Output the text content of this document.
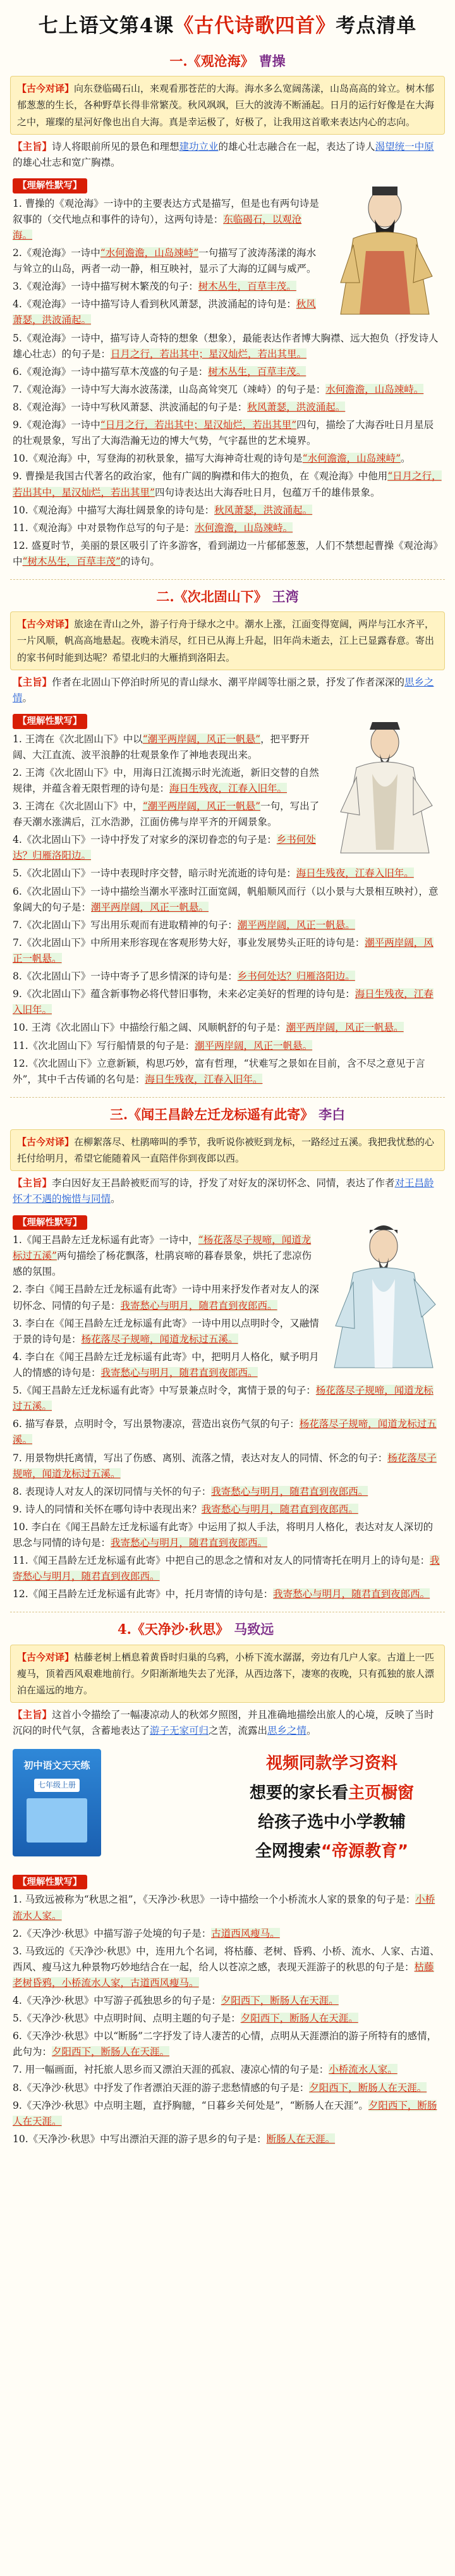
七上语文第4课《古代诗歌四首》考点清单
一.《观沧海》 曹操
【古今对译】向东登临碣石山，来观看那苍茫的大海。海水多么宽阔荡漾，山岛高高的耸立。树木郁郁葱葱的生长，各种野草长得非常繁茂。秋风飒飒，巨大的波涛不断涌起。日月的运行好像是在大海之中，璀璨的星河好像也出自大海。真是幸运极了，好极了，让我用这首歌来表达内心的志向。
【主旨】诗人将眼前所见的景色和理想建功立业的雄心壮志融合在一起，表达了诗人渴望统一中原的雄心壮志和宽广胸襟。
【理解性默写】
1. 曹操的《观沧海》一诗中的主要表达方式是描写，但是也有两句诗是叙事的（交代地点和事件的诗句），这两句诗是：东临碣石，以观沧海。
2.《观沧海》一诗中“水何澹澹，山岛竦峙”一句描写了波涛荡漾的海水与耸立的山岛，两者一动一静，相互映衬，显示了大海的辽阔与威严。
3.《观沧海》一诗中描写树木繁茂的句子：树木丛生，百草丰茂。
4.《观沧海》一诗中描写诗人看到秋风萧瑟，洪波涌起的诗句是：秋风萧瑟，洪波涌起。
5.《观沧海》一诗中，描写诗人奇特的想象（想象），最能表达作者博大胸襟、远大抱负（抒发诗人雄心壮志）的句子是：日月之行，若出其中；星汉灿烂，若出其里。
6.《观沧海》一诗中描写草木茂盛的句子是：树木丛生，百草丰茂。
7.《观沧海》一诗中写大海水波荡漾，山岛高耸突兀（竦峙）的句子是：水何澹澹，山岛竦峙。
8.《观沧海》一诗中写秋风萧瑟、洪波涌起的句子是：秋风萧瑟，洪波涌起。
9.《观沧海》一诗中“日月之行，若出其中；星汉灿烂，若出其里”四句，描绘了大海吞吐日月星辰的壮观景象，写出了大海浩瀚无边的博大气势，气宇磊世的艺术境界。
10.《观沧海》中，写登海的初秋景象，描写大海神奇壮观的诗句是“水何澹澹，山岛竦峙”。
9. 曹操是我国古代著名的政治家，他有广阔的胸襟和伟大的抱负，在《观沧海》中他用“日月之行，若出其中，星汉灿烂，若出其里”四句诗表达出大海吞吐日月，包蕴万千的雄伟景象。
10.《观沧海》中描写大海壮阔景象的诗句是：秋风萧瑟，洪波涌起。
11.《观沧海》中对景物作总写的句子是：水何澹澹，山岛竦峙。
12. 盛夏时节，美丽的景区吸引了许多游客，看到湖边一片郁郁葱葱，人们不禁想起曹操《观沧海》中“树木丛生，百草丰茂”的诗句。
二.《次北固山下》 王湾
【古今对译】旅途在青山之外，游子行舟于绿水之中。潮水上涨，江面变得宽阔，两岸与江水齐平，一片风顺，帆高高地悬起。夜晚未消尽，红日已从海上升起，旧年尚未逝去，江上已显露春意。寄出的家书何时能到达呢？希望北归的大雁捎到洛阳去。
【主旨】作者在北固山下停泊时所见的青山绿水、潮平岸阔等壮丽之景，抒发了作者深深的思乡之情。
【理解性默写】
1. 王湾在《次北固山下》中以“潮平两岸阔，风正一帆悬”，把平野开阔、大江直流、波平浪静的壮观景象作了神地表现出来。
2. 王湾《次北固山下》中，用海日江流揭示时光流逝，新旧交替的自然规律，并蕴含着无限哲理的诗句是：海日生残夜，江春入旧年。
3. 王湾在《次北固山下》中，“潮平两岸阔，风正一帆悬”一句，写出了春天潮水涨满后，江水浩渺，江面仿佛与岸平齐的开阔景象。
4.《次北固山下》一诗中抒发了对家乡的深切眷恋的句子是：乡书何处达？归雁洛阳边。
5.《次北固山下》一诗中表现时序交替，暗示时光流逝的诗句是：海日生残夜，江春入旧年。
6.《次北固山下》一诗中描绘当潮水平涨时江面宽阔，帆船顺风而行（以小景与大景相互映衬），意象阔大的句子是：潮平两岸阔，风正一帆悬。
7.《次北固山下》写出用乐观而有进取精神的句子：潮平两岸阔，风正一帆悬。
7.《次北固山下》中所用来形容现在客观形势大好，事业发展势头正旺的诗句是：潮平两岸阔，风正一帆悬。
8.《次北固山下》一诗中寄予了思乡情深的诗句是：乡书何处达？归雁洛阳边。
9.《次北固山下》蕴含新事物必将代替旧事物，未来必定美好的哲理的诗句是：海日生残夜，江春入旧年。
10. 王湾《次北固山下》中描绘行船之阔、风顺帆舒的句子是：潮平两岸阔，风正一帆悬。
11.《次北固山下》写行船情景的句子是：潮平两岸阔，风正一帆悬。
12.《次北固山下》立意新颖，构思巧妙，富有哲理，“状难写之景如在目前，含不尽之意见于言外”，其中千古传诵的名句是：海日生残夜，江春入旧年。
三.《闻王昌龄左迁龙标遥有此寄》 李白
【古今对译】在柳絮落尽、杜鹃啼叫的季节，我听说你被贬到龙标，一路经过五溪。我把我忧愁的心托付给明月，希望它能随着风一直陪伴你到夜郎以西。
【主旨】李白因好友王昌龄被贬而写的诗，抒发了对好友的深切怀念、同情，表达了作者对王昌龄怀才不遇的惋惜与同情。
【理解性默写】
1.《闻王昌龄左迁龙标遥有此寄》一诗中，“杨花落尽子规啼，闻道龙标过五溪”两句描绘了杨花飘落，杜鹃哀啼的暮春景象，烘托了悲凉伤感的氛围。
2. 李白《闻王昌龄左迁龙标遥有此寄》一诗中用来抒发作者对友人的深切怀念、同情的句子是：我寄愁心与明月，随君直到夜郎西。
3. 李白在《闻王昌龄左迁龙标遥有此寄》一诗中用以点明时令，又融情于景的诗句是：杨花落尽子规啼，闻道龙标过五溪。
4. 李白在《闻王昌龄左迁龙标遥有此寄》中，把明月人格化，赋予明月人的情感的诗句是：我寄愁心与明月，随君直到夜郎西。
5.《闻王昌龄左迁龙标遥有此寄》中写景兼点时令，寓情于景的句子：杨花落尽子规啼，闻道龙标过五溪。
6. 描写春景，点明时令，写出景物凄凉，营造出哀伤气氛的句子：杨花落尽子规啼，闻道龙标过五溪。
7. 用景物烘托离情，写出了伤感、离别、流落之情，表达对友人的同情、怀念的句子：杨花落尽子规啼，闻道龙标过五溪。
8. 表现诗人对友人的深切同情与关怀的句子：我寄愁心与明月，随君直到夜郎西。
9. 诗人的同情和关怀在哪句诗中表现出来？我寄愁心与明月，随君直到夜郎西。
10. 李白在《闻王昌龄左迁龙标遥有此寄》中运用了拟人手法，将明月人格化，表达对友人深切的思念与同情的诗句是：我寄愁心与明月，随君直到夜郎西。
11.《闻王昌龄左迁龙标遥有此寄》中把自己的思念之情和对友人的同情寄托在明月上的诗句是：我寄愁心与明月，随君直到夜郎西。
12.《闻王昌龄左迁龙标遥有此寄》中，托月寄情的诗句是：我寄愁心与明月，随君直到夜郎西。
4.《天净沙·秋思》 马致远
【古今对译】枯藤老树上栖息着黄昏时归巢的乌鸦，小桥下流水潺潺，旁边有几户人家。古道上一匹瘦马，顶着西风艰难地前行。夕阳渐渐地失去了光泽，从西边落下，凄寒的夜晚，只有孤独的旅人漂泊在遥远的地方。
【主旨】这首小令描绘了一幅凄凉动人的秋郊夕照图，并且准确地描绘出旅人的心境，反映了当时沉闷的时代气氛，含蓄地表达了游子无家可归之苦，流露出思乡之情。
初中语文天天练
七年级上册
视频同款学习资料
想要的家长看主页橱窗
给孩子选中小学教辅
全网搜索“帝源教育”
【理解性默写】
1. 马致远被称为“秋思之祖”，《天净沙·秋思》一诗中描绘一个小桥流水人家的景象的句子是：小桥流水人家。
2.《天净沙·秋思》中描写游子处境的句子是：古道西风瘦马。
3. 马致远的《天净沙·秋思》中，连用九个名词，将枯藤、老树、昏鸦、小桥、流水、人家、古道、西风、瘦马这九种景物巧妙地结合在一起，给人以苍凉之感，表现天涯游子的秋思的句子是：枯藤老树昏鸦，小桥流水人家，古道西风瘦马。
4.《天净沙·秋思》中写游子孤独思乡的句子是：夕阳西下，断肠人在天涯。
5.《天净沙·秋思》中点明时间、点明主题的句子是：夕阳西下，断肠人在天涯。
6.《天净沙·秋思》中以“断肠”二字抒发了诗人凄苦的心情，点明从天涯漂泊的游子所特有的感情，此句为：夕阳西下，断肠人在天涯。
7. 用一幅画面，衬托旅人思乡而又漂泊天涯的孤寂、凄凉心情的句子是：小桥流水人家。
8.《天净沙·秋思》中抒发了作者漂泊天涯的游子悲愁情感的句子是：夕阳西下，断肠人在天涯。
9.《天净沙·秋思》中点明主题，直抒胸臆，“日暮乡关何处是”，“断肠人在天涯”。夕阳西下，断肠人在天涯。
10.《天净沙·秋思》中写出漂泊天涯的游子思乡的句子是：断肠人在天涯。
